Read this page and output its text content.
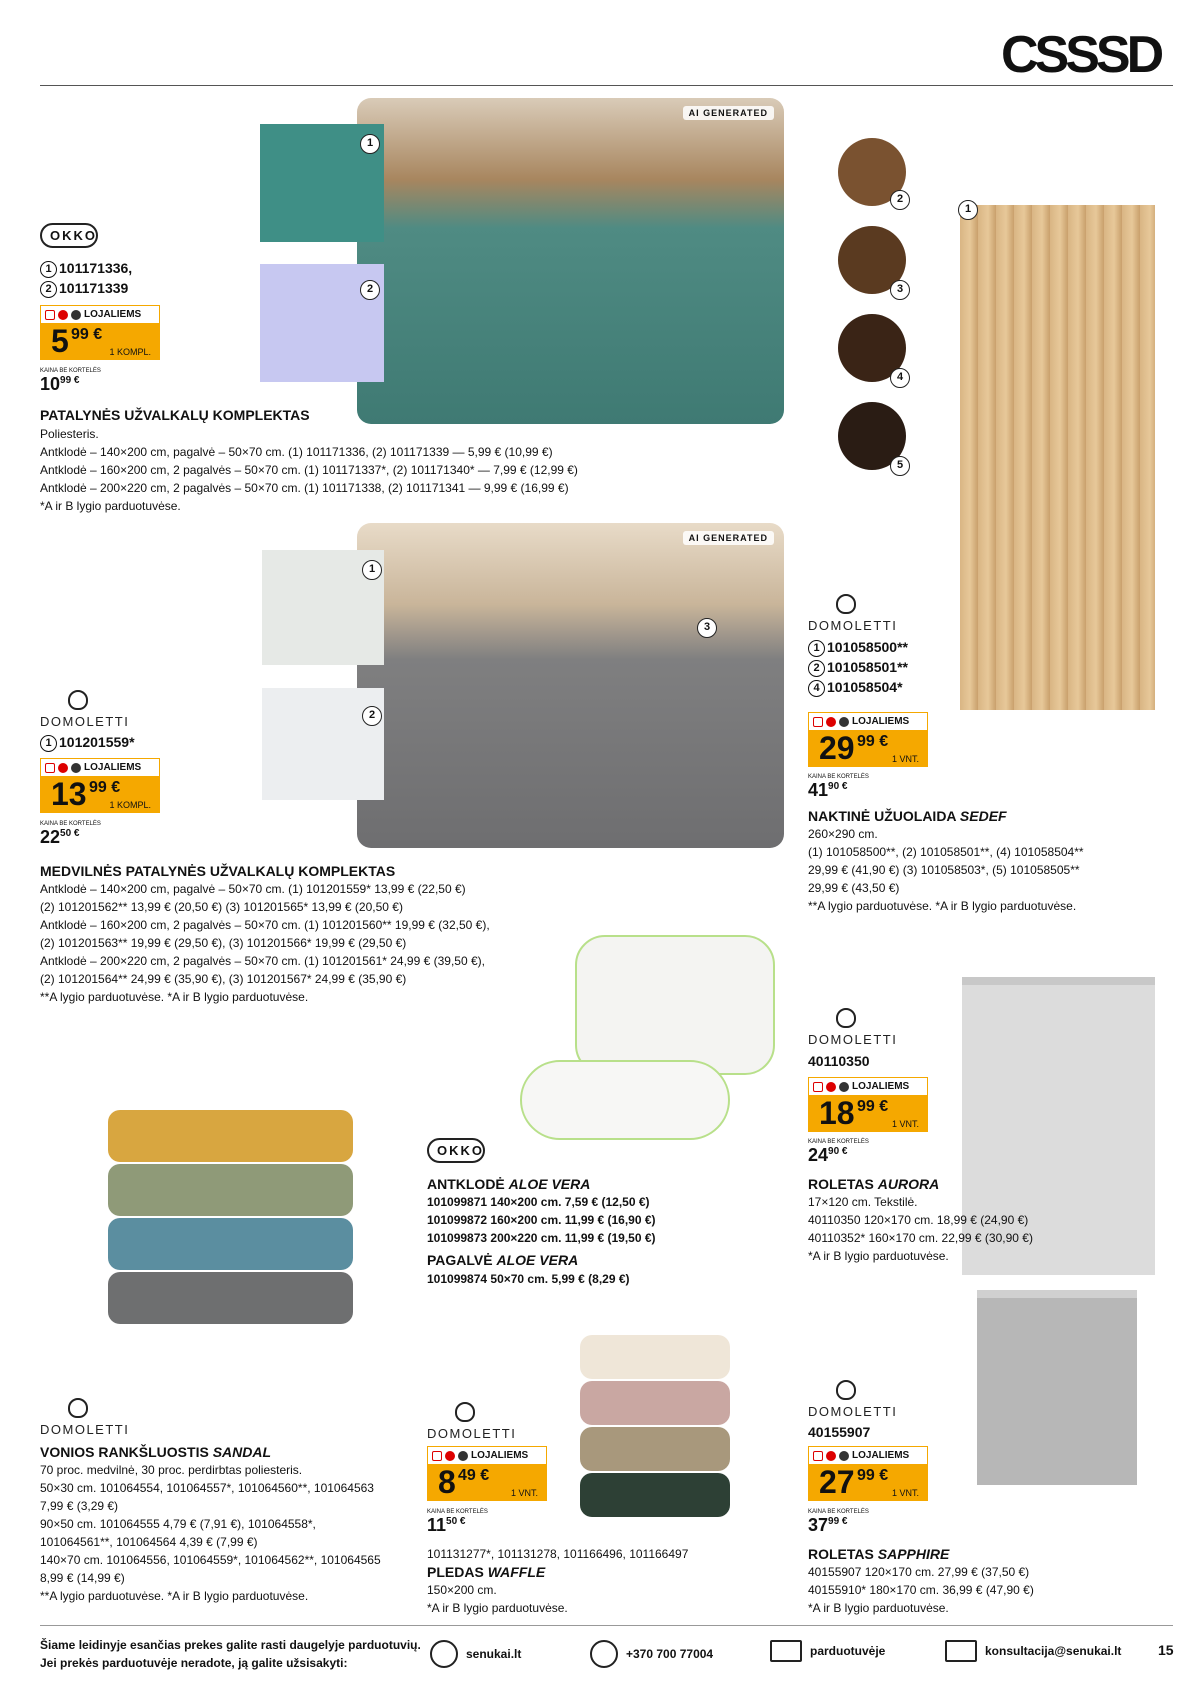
CSSSD
AI GENERATED
1
2
OKKO
1 101171336,
2 101171339
LOJALIEMS
5 99 €
1 KOMPL.
KAINA BE KORTELĖS
$10^{99 €}$
PATALYNĖS UŽVALKALŲ KOMPLEKTAS
Poliesteris.
Antklodė – 140×200 cm, pagalvė – 50×70 cm. (1) 101171336, (2) 101171339 — 5,99 € (10,99 €)
Antklodė – 160×200 cm, 2 pagalvės – 50×70 cm. (1) 101171337*, (2) 101171340* — 7,99 € (12,99 €)
Antklodė – 200×220 cm, 2 pagalvės – 50×70 cm. (1) 101171338, (2) 101171341 — 9,99 € (16,99 €)
*A ir B lygio parduotuvėse.
AI GENERATED
3
1
2
DOMOLETTI
1 101201559*
LOJALIEMS
13 99 €
1 KOMPL.
KAINA BE KORTELĖS
$22^{50 €}$
MEDVILNĖS PATALYNĖS UŽVALKALŲ KOMPLEKTAS
Antklodė – 140×200 cm, pagalvė – 50×70 cm. (1) 101201559* 13,99 € (22,50 €)
(2) 101201562** 13,99 € (20,50 €) (3) 101201565* 13,99 € (20,50 €)
Antklodė – 160×200 cm, 2 pagalvės – 50×70 cm. (1) 101201560** 19,99 € (32,50 €),
(2) 101201563** 19,99 € (29,50 €), (3) 101201566* 19,99 € (29,50 €)
Antklodė – 200×220 cm, 2 pagalvės – 50×70 cm. (1) 101201561* 24,99 € (39,50 €),
(2) 101201564** 24,99 € (35,90 €), (3) 101201567* 24,99 € (35,90 €)
**A lygio parduotuvėse. *A ir B lygio parduotuvėse.
2
3
4
5
1
DOMOLETTI
1 101058500**
2 101058501**
4 101058504*
LOJALIEMS
29 99 €
1 VNT.
KAINA BE KORTELĖS
$41^{90 €}$
NAKTINĖ UŽUOLAIDA SEDEF
260×290 cm.
(1) 101058500**, (2) 101058501**, (4) 101058504**
29,99 € (41,90 €) (3) 101058503*, (5) 101058505**
29,99 € (43,50 €)
**A lygio parduotuvėse. *A ir B lygio parduotuvėse.
OKKO
ANTKLODĖ ALOE VERA
101099871 140×200 cm. 7,59 € (12,50 €)
101099872 160×200 cm. 11,99 € (16,90 €)
101099873 200×220 cm. 11,99 € (19,50 €)
PAGALVĖ ALOE VERA
101099874 50×70 cm. 5,99 € (8,29 €)
DOMOLETTI
40110350
LOJALIEMS
18 99 €
1 VNT.
KAINA BE KORTELĖS
$24^{90 €}$
ROLETAS AURORA
17×120 cm. Tekstilė.
40110350 120×170 cm. 18,99 € (24,90 €)
40110352* 160×170 cm. 22,99 € (30,90 €)
*A ir B lygio parduotuvėse.
DOMOLETTI
VONIOS RANKŠLUOSTIS SANDAL
70 proc. medvilnė, 30 proc. perdirbtas poliesteris.
50×30 cm. 101064554, 101064557*, 101064560**, 101064563
7,99 € (3,29 €)
90×50 cm. 101064555 4,79 € (7,91 €), 101064558*,
101064561**, 101064564 4,39 € (7,99 €)
140×70 cm. 101064556, 101064559*, 101064562**, 101064565
8,99 € (14,99 €)
**A lygio parduotuvėse. *A ir B lygio parduotuvėse.
DOMOLETTI
LOJALIEMS
8 49 €
1 VNT.
KAINA BE KORTELĖS
$11^{50 €}$
101131277*, 101131278, 101166496, 101166497
PLEDAS WAFFLE
150×200 cm.
*A ir B lygio parduotuvėse.
DOMOLETTI
40155907
LOJALIEMS
27 99 €
1 VNT.
KAINA BE KORTELĖS
$37^{99 €}$
ROLETAS SAPPHIRE
40155907 120×170 cm. 27,99 € (37,50 €)
40155910* 180×170 cm. 36,99 € (47,90 €)
*A ir B lygio parduotuvėse.
Šiame leidinyje esančias prekes galite rasti daugelyje parduotuvių.
Jei prekės parduotuvėje neradote, ją galite užsisakyti:
senukai.lt	+370 700 77004	parduotuvėje	konsultacija@senukai.lt	15
